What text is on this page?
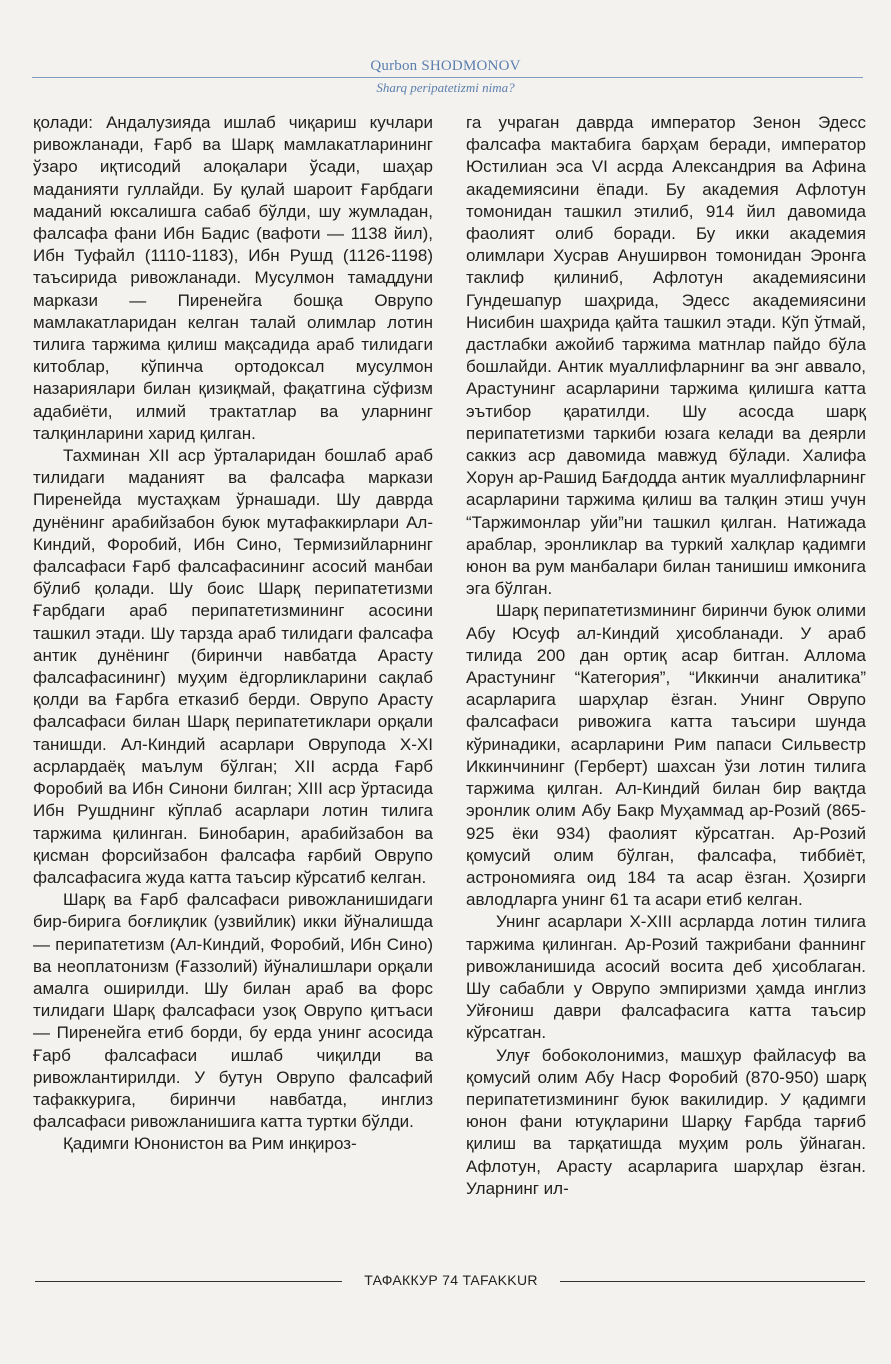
Qurbon SHODMONOV
Sharq peripatetizmi nima?

қолади: Андалузияда ишлаб чиқариш кучлари ривожланади, Ғарб ва Шарқ мамлакатларининг ўзаро иқтисодий алоқалари ўсади, шаҳар маданияти гуллайди. Бу қулай шароит Ғарбдаги маданий юксалишга сабаб бўлди, шу жумладан, фалсафа фани Ибн Бадис (вафоти — 1138 йил), Ибн Туфайл (1110-1183), Ибн Рушд (1126-1198) таъсирида ривожланади. Мусулмон тамаддуни маркази — Пиренейга бошқа Оврупо мамлакатларидан келган талай олимлар лотин тилига таржима қилиш мақсадида араб тилидаги китоблар, кўпинча ортодоксал мусулмон назариялари билан қизиқмай, фақатгина сўфизм адабиёти, илмий трактатлар ва уларнинг талқинларини харид қилган.

Тахминан XII аср ўрталаридан бошлаб араб тилидаги маданият ва фалсафа маркази Пиренейда мустаҳкам ўрнашади. Шу даврда дунёнинг арабийзабон буюк мутафаккирлари Ал-Киндий, Форобий, Ибн Сино, Термизийларнинг фалсафаси Ғарб фалсафасининг асосий манбаи бўлиб қолади. Шу боис Шарқ перипатетизми Ғарбдаги араб перипатетизмининг асосини ташкил этади. Шу тарзда араб тилидаги фалсафа антик дунёнинг (биринчи навбатда Арасту фалсафасининг) муҳим ёдгорликларини сақлаб қолди ва Ғарбга етказиб берди. Оврупо Арасту фалсафаси билан Шарқ перипатетиклари орқали танишди. Ал-Киндий асарлари Оврупода X-XI асрлардаёқ маълум бўлган; XII асрда Ғарб Форобий ва Ибн Синони билган; XIII аср ўртасида Ибн Рушднинг кўплаб асарлари лотин тилига таржима қилинган. Бинобарин, арабийзабон ва қисман форсийзабон фалсафа ғарбий Оврупо фалсафасига жуда катта таъсир кўрсатиб келган.

Шарқ ва Ғарб фалсафаси ривожланишидаги бир-бирига боғлиқлик (узвийлик) икки йўналишда — перипатетизм (Ал-Киндий, Форобий, Ибн Сино) ва неоплатонизм (Ғаззолий) йўналишлари орқали амалга оширилди. Шу билан араб ва форс тилидаги Шарқ фалсафаси узоқ Оврупо қитъаси — Пиренейга етиб борди, бу ерда унинг асосида Ғарб фалсафаси ишлаб чиқилди ва ривожлантирилди. У бутун Оврупо фалсафий тафаккурига, биринчи навбатда, инглиз фалсафаси ривожланишига катта туртки бўлди.

Қадимги Юнонистон ва Рим инқироз-

га учраган даврда император Зенон Эдесс фалсафа мактабига барҳам беради, император Юстилиан эса VI асрда Александрия ва Афина академиясини ёпади. Бу академия Афлотун томонидан ташкил этилиб, 914 йил давомида фаолият олиб боради. Бу икки академия олимлари Хусрав Ануширвон томонидан Эронга таклиф қилиниб, Афлотун академиясини Гундешапур шаҳрида, Эдесс академиясини Нисибин шаҳрида қайта ташкил этади. Кўп ўтмай, дастлабки ажойиб таржима матнлар пайдо бўла бошлайди. Антик муаллифларнинг ва энг аввало, Арастунинг асарларини таржима қилишга катта эътибор қаратилди. Шу асосда шарқ перипатетизми таркиби юзага келади ва деярли саккиз аср давомида мавжуд бўлади. Халифа Хорун ар-Рашид Бағдодда антик муаллифларнинг асарларини таржима қилиш ва талқин этиш учун “Таржимонлар уйи”ни ташкил қилган. Натижада араблар, эронликлар ва туркий халқлар қадимги юнон ва рум манбалари билан танишиш имконига эга бўлган.

Шарқ перипатетизмининг биринчи буюк олими Абу Юсуф ал-Киндий ҳисобланади. У араб тилида 200 дан ортиқ асар битган. Аллома Арастунинг “Категория”, “Иккинчи аналитика” асарларига шарҳлар ёзган. Унинг Оврупо фалсафаси ривожига катта таъсири шунда кўринадики, асарларини Рим папаси Сильвестр Иккинчининг (Герберт) шахсан ўзи лотин тилига таржима қилган. Ал-Киндий билан бир вақтда эронлик олим Абу Бакр Муҳаммад ар-Розий (865-925 ёки 934) фаолият кўрсатган. Ар-Розий қомусий олим бўлган, фалсафа, тиббиёт, астрономияга оид 184 та асар ёзган. Ҳозирги авлодларга унинг 61 та асари етиб келган.

Унинг асарлари X-XIII асрларда лотин тилига таржима қилинган. Ар-Розий тажрибани фаннинг ривожланишида асосий восита деб ҳисоблаган. Шу сабабли у Оврупо эмпиризми ҳамда инглиз Уйғониш даври фалсафасига катта таъсир кўрсатган.

Улуғ бобоколонимиз, машҳур файласуф ва қомусий олим Абу Наср Форобий (870-950) шарқ перипатетизмининг буюк вакилидир. У қадимги юнон фани ютуқларини Шарқу Ғарбда тарғиб қилиш ва тарқатишда муҳим роль ўйнаган. Афлотун, Арасту асарларига шарҳлар ёзган. Уларнинг ил-

ТАФАККУР 74 TAFAKKUR
